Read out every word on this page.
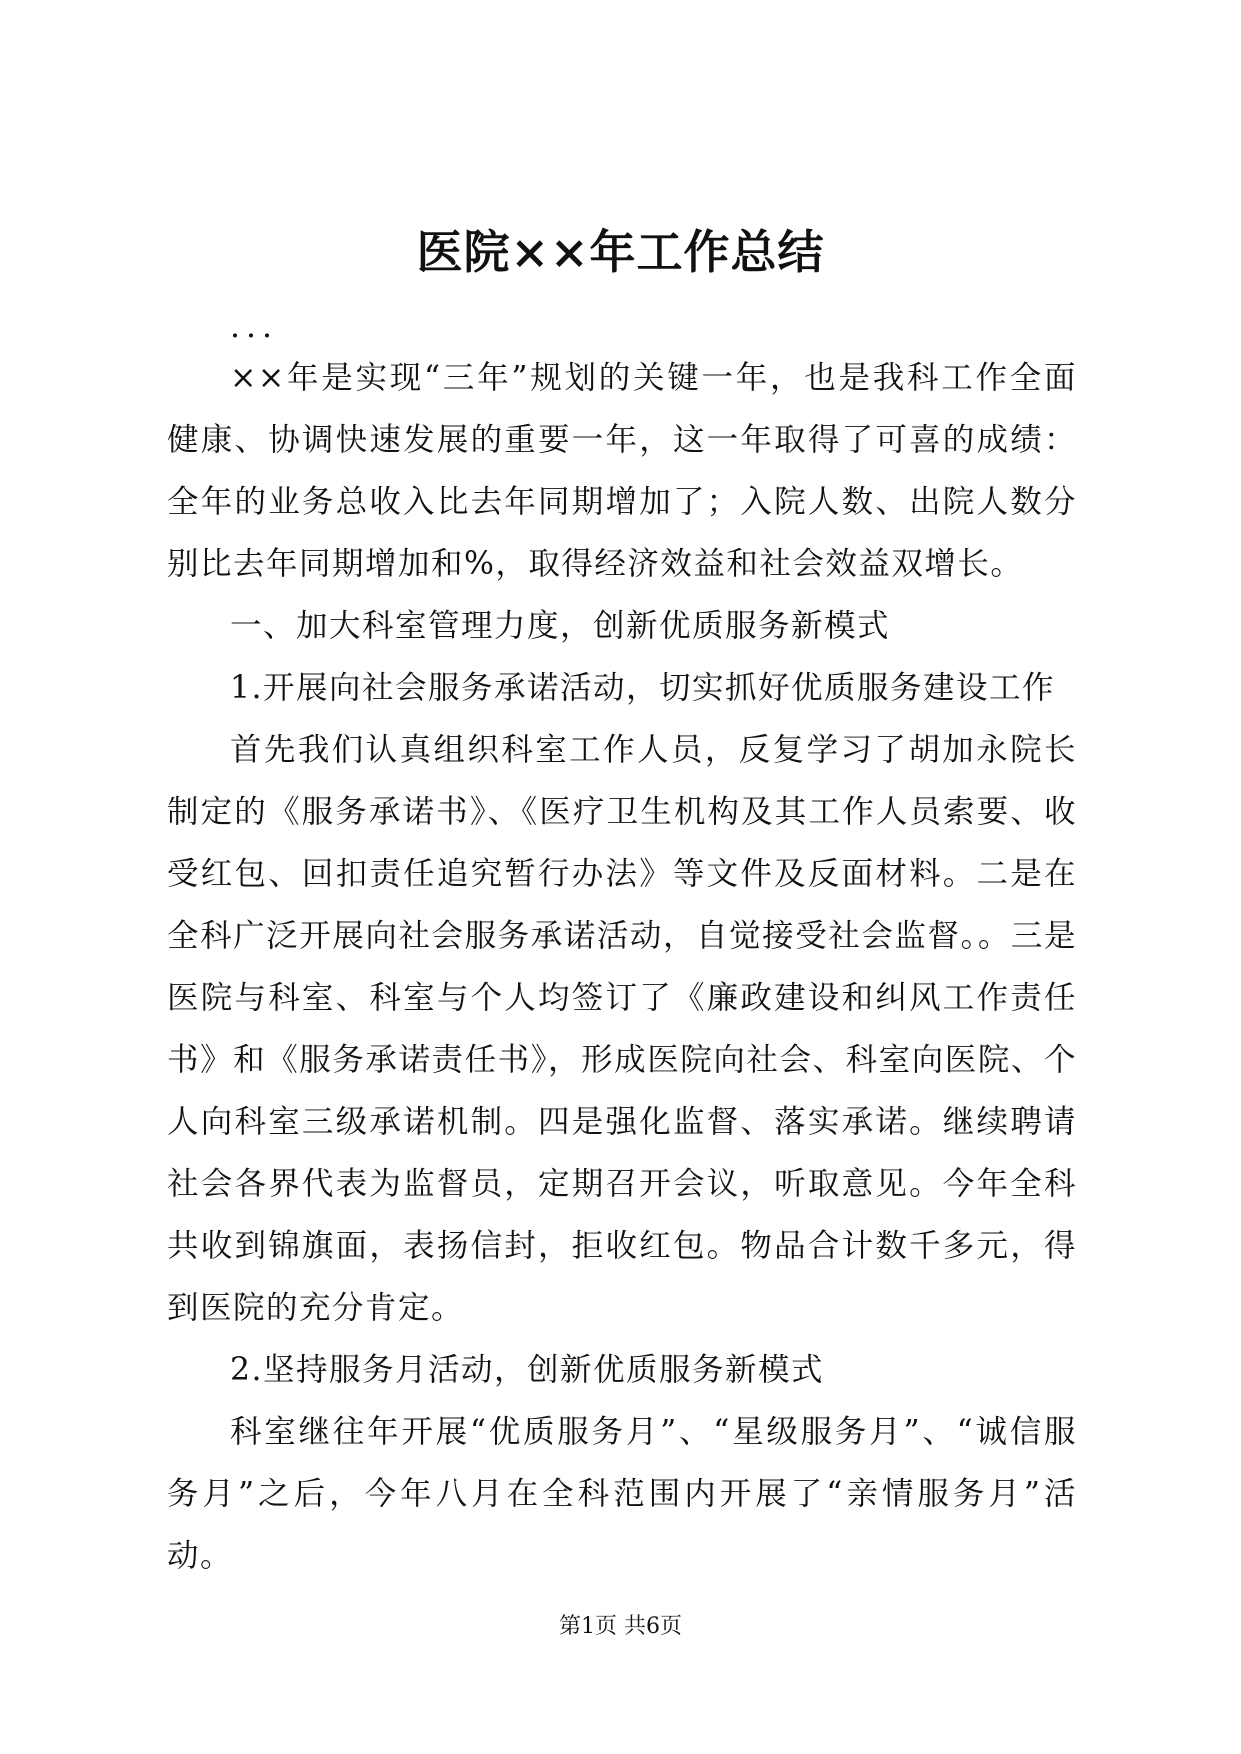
医院××年工作总结

...

××年是实现“三年”规划的关键一年，也是我科工作全面健康、协调快速发展的重要一年，这一年取得了可喜的成绩：全年的业务总收入比去年同期增加了；入院人数、出院人数分别比去年同期增加和%，取得经济效益和社会效益双增长。

一、加大科室管理力度，创新优质服务新模式

1.开展向社会服务承诺活动，切实抓好优质服务建设工作

首先我们认真组织科室工作人员，反复学习了胡加永院长制定的《服务承诺书》、《医疗卫生机构及其工作人员索要、收受红包、回扣责任追究暂行办法》等文件及反面材料。二是在全科广泛开展向社会服务承诺活动，自觉接受社会监督。。三是医院与科室、科室与个人均签订了《廉政建设和纠风工作责任书》和《服务承诺责任书》，形成医院向社会、科室向医院、个人向科室三级承诺机制。四是强化监督、落实承诺。继续聘请社会各界代表为监督员，定期召开会议，听取意见。今年全科共收到锦旗面，表扬信封，拒收红包。物品合计数千多元，得到医院的充分肯定。

2.坚持服务月活动，创新优质服务新模式

科室继往年开展“优质服务月”、“星级服务月”、“诚信服务月”之后，今年八月在全科范围内开展了“亲情服务月”活动。

第1页 共6页
